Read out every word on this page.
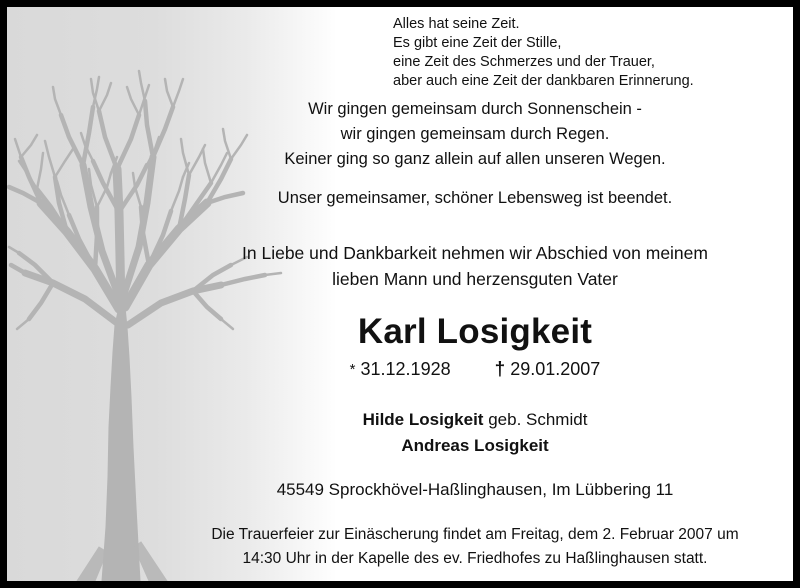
Alles hat seine Zeit.
Es gibt eine Zeit der Stille,
eine Zeit des Schmerzes und der Trauer,
aber auch eine Zeit der dankbaren Erinnerung.
Wir gingen gemeinsam durch Sonnenschein -
wir gingen gemeinsam durch Regen.
Keiner ging so ganz allein auf allen unseren Wegen.
Unser gemeinsamer, schöner Lebensweg ist beendet.
In Liebe und Dankbarkeit nehmen wir Abschied von meinem
lieben Mann und herzensguten Vater
Karl Losigkeit
* 31.12.1928 † 29.01.2007
Hilde Losigkeit geb. Schmidt
Andreas Losigkeit
45549 Sprockhövel-Haßlinghausen, Im Lübbering 11
Die Trauerfeier zur Einäscherung findet am Freitag, dem 2. Februar 2007 um
14:30 Uhr in der Kapelle des ev. Friedhofes zu Haßlinghausen statt.
